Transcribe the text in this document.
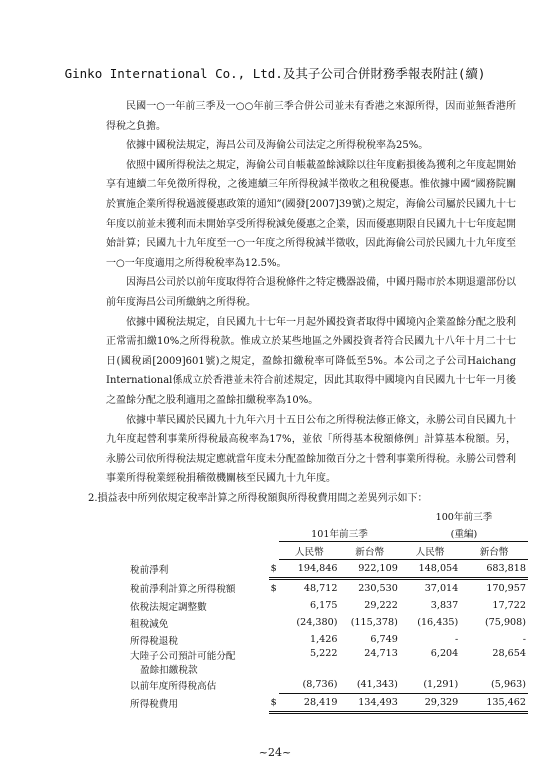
Ginko International Co., Ltd.及其子公司合併財務季報表附註(續)

民國一○一年前三季及一○○年前三季合併公司並未有香港之來源所得，因而並無香港所得稅之負擔。

依據中國稅法規定，海昌公司及海倫公司法定之所得稅稅率為25%。

依照中國所得稅法之規定，海倫公司自帳載盈餘減除以往年度虧損後為獲利之年度起開始享有連續二年免徵所得稅，之後連續三年所得稅減半徵收之租稅優惠。惟依據中國“國務院關於實施企業所得稅過渡優惠政策的通知”(國發[2007]39號)之規定，海倫公司屬於民國九十七年度以前並未獲利而未開始享受所得稅減免優惠之企業，因而優惠期限自民國九十七年度起開始計算；民國九十九年度至一○一年度之所得稅減半徵收，因此海倫公司於民國九十九年度至一○一年度適用之所得稅稅率為12.5%。

因海昌公司於以前年度取得符合退稅條件之特定機器設備，中國丹陽市於本期退還部份以前年度海昌公司所繳納之所得稅。

依據中國稅法規定，自民國九十七年一月起外國投資者取得中國境內企業盈餘分配之股利正常需扣繳10%之所得稅款。惟成立於某些地區之外國投資者符合民國九十八年十月二十七日(國稅函[2009]601號)之規定，盈餘扣繳稅率可降低至5%。本公司之子公司Haichang International係成立於香港並未符合前述規定，因此其取得中國境內自民國九十七年一月後之盈餘分配之股利適用之盈餘扣繳稅率為10%。

依據中華民國於民國九十九年六月十五日公布之所得稅法修正條文，永勝公司自民國九十九年度起營利事業所得稅最高稅率為17%，並依「所得基本稅額條例」計算基本稅額。另，永勝公司依所得稅法規定應就當年度未分配盈餘加徵百分之十營利事業所得稅。永勝公司營利事業所得稅業經稅捐稽徵機關核至民國九十九年度。

2.損益表中所列依規定稅率計算之所得稅額與所得稅費用間之差異列示如下：
				100年前三季	
		101年前三季		(重編)	
		人民幣	新台幣	人民幣	新台幣
稅前淨利	$	194,846	922,109	148,054	683,818
稅前淨利計算之所得稅額	$	48,712	230,530	37,014	170,957
依稅法規定調整數		6,175	29,222	3,837	17,722
租稅減免		(24,380)	(115,378)	(16,435)	(75,908)
所得稅退稅		1,426	6,749	-	-

大陸子公司預計可能分配
盈餘扣繳稅款		5,222	24,713	6,204	28,654
以前年度所得稅高估		(8,736)	(41,343)	(1,291)	(5,963)
所得稅費用	$	28,419	134,493	29,329	135,462
~24~
